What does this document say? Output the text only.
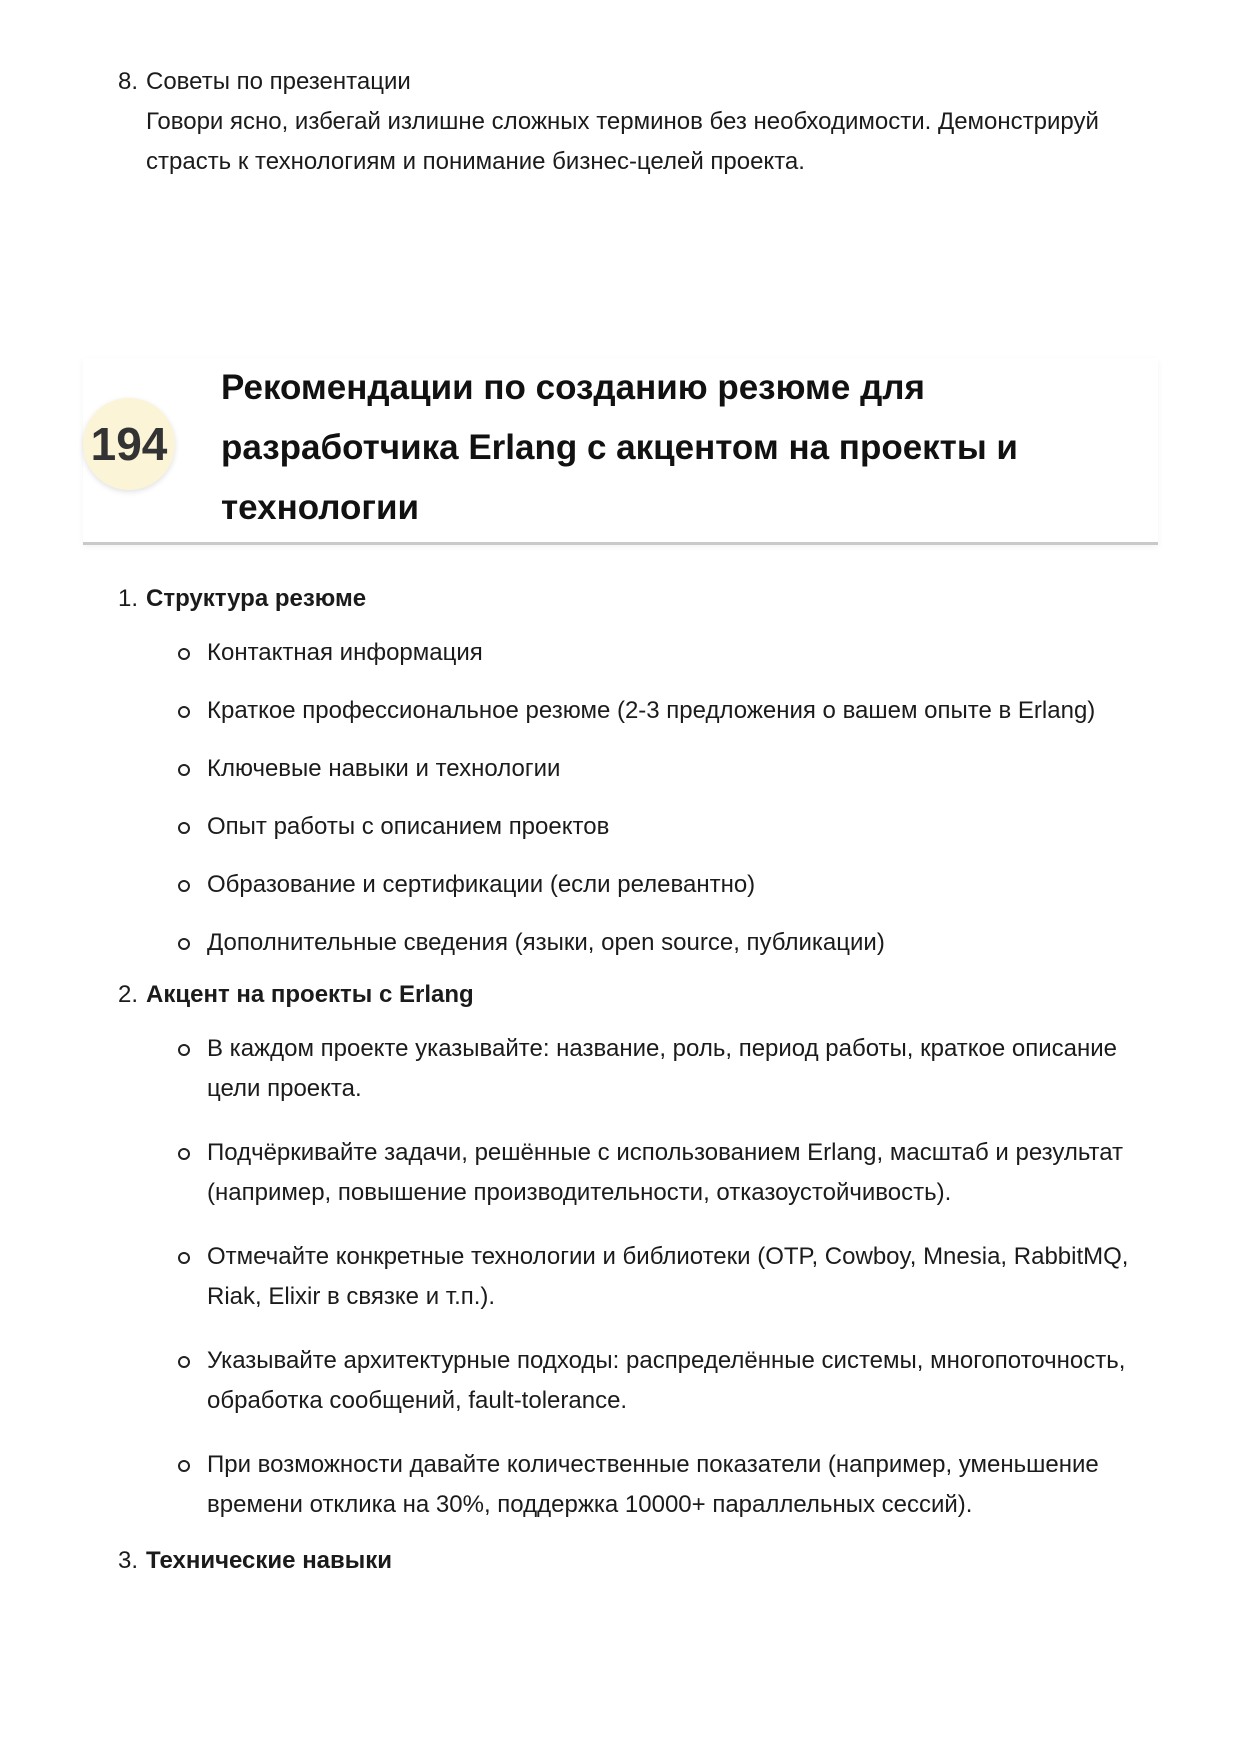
8. Советы по презентации
Говори ясно, избегай излишне сложных терминов без необходимости. Демонстрируй страсть к технологиям и понимание бизнес-целей проекта.
194
Рекомендации по созданию резюме для разработчика Erlang с акцентом на проекты и технологии
1. Структура резюме
Контактная информация
Краткое профессиональное резюме (2-3 предложения о вашем опыте в Erlang)
Ключевые навыки и технологии
Опыт работы с описанием проектов
Образование и сертификации (если релевантно)
Дополнительные сведения (языки, open source, публикации)
2. Акцент на проекты с Erlang
В каждом проекте указывайте: название, роль, период работы, краткое описание цели проекта.
Подчёркивайте задачи, решённые с использованием Erlang, масштаб и результат (например, повышение производительности, отказоустойчивость).
Отмечайте конкретные технологии и библиотеки (OTP, Cowboy, Mnesia, RabbitMQ, Riak, Elixir в связке и т.п.).
Указывайте архитектурные подходы: распределённые системы, многопоточность, обработка сообщений, fault-tolerance.
При возможности давайте количественные показатели (например, уменьшение времени отклика на 30%, поддержка 10000+ параллельных сессий).
3. Технические навыки
